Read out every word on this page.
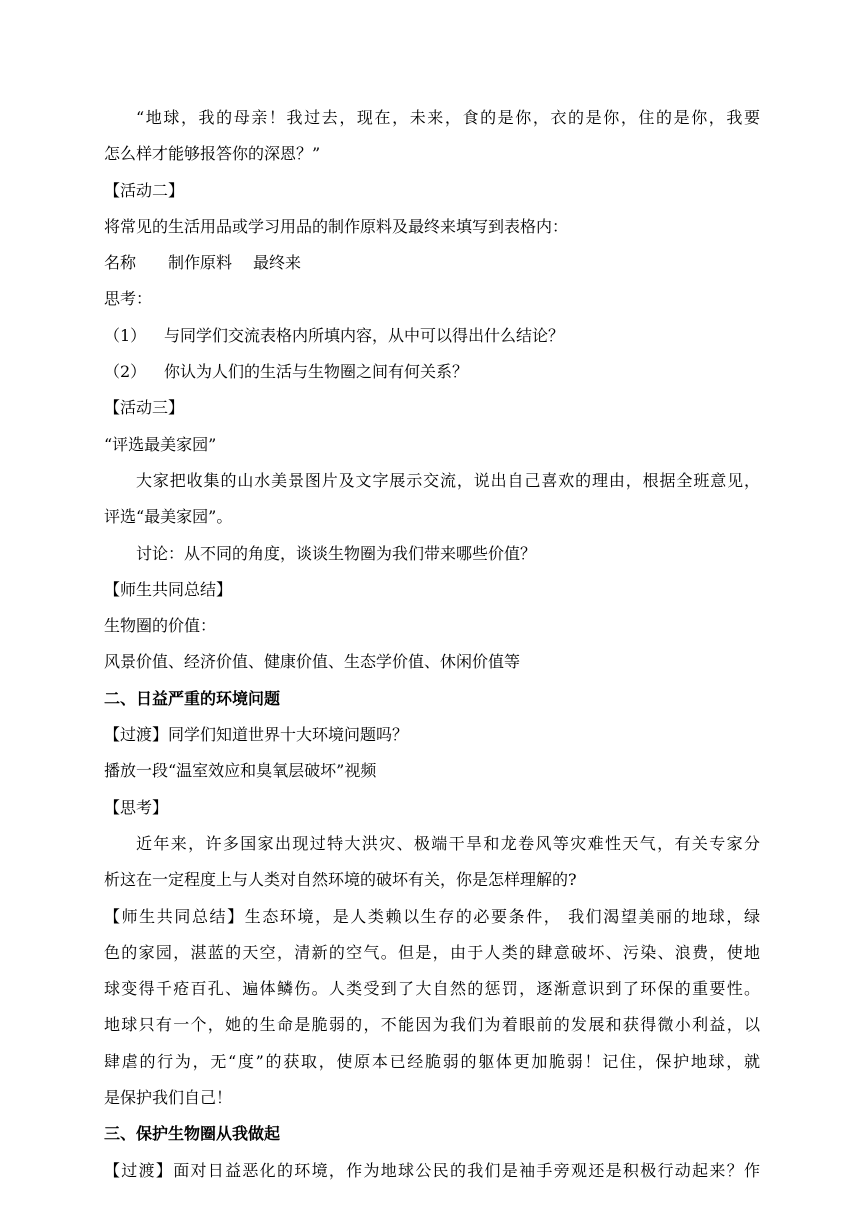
“地球，我的母亲！我过去，现在，未来，食的是你，衣的是你，住的是你，我要

怎么样才能够报答你的深恩？”

【活动二】

将常见的生活用品或学习用品的制作原料及最终来填写到表格内：

名称 制作原料 最终来

思考：

（1） 与同学们交流表格内所填内容，从中可以得出什么结论？

（2） 你认为人们的生活与生物圈之间有何关系？

【活动三】

“评选最美家园”

大家把收集的山水美景图片及文字展示交流，说出自己喜欢的理由，根据全班意见，

评选“最美家园”。

讨论：从不同的角度，谈谈生物圈为我们带来哪些价值？

【师生共同总结】

生物圈的价值：

风景价值、经济价值、健康价值、生态学价值、休闲价值等

二、日益严重的环境问题

【过渡】同学们知道世界十大环境问题吗？

播放一段“温室效应和臭氧层破坏”视频

【思考】

近年来，许多国家出现过特大洪灾、极端干旱和龙卷风等灾难性天气，有关专家分

析这在一定程度上与人类对自然环境的破坏有关，你是怎样理解的?

【师生共同总结】生态环境，是人类赖以生存的必要条件， 我们渴望美丽的地球，绿

色的家园，湛蓝的天空，清新的空气。但是，由于人类的肆意破坏、污染、浪费，使地

球变得千疮百孔、遍体鳞伤。人类受到了大自然的惩罚，逐渐意识到了环保的重要性。

地球只有一个，她的生命是脆弱的，不能因为我们为着眼前的发展和获得微小利益，以

肆虐的行为，无“度”的获取，使原本已经脆弱的躯体更加脆弱！记住，保护地球，就

是保护我们自己！

三、保护生物圈从我做起

【过渡】面对日益恶化的环境，作为地球公民的我们是袖手旁观还是积极行动起来？作
